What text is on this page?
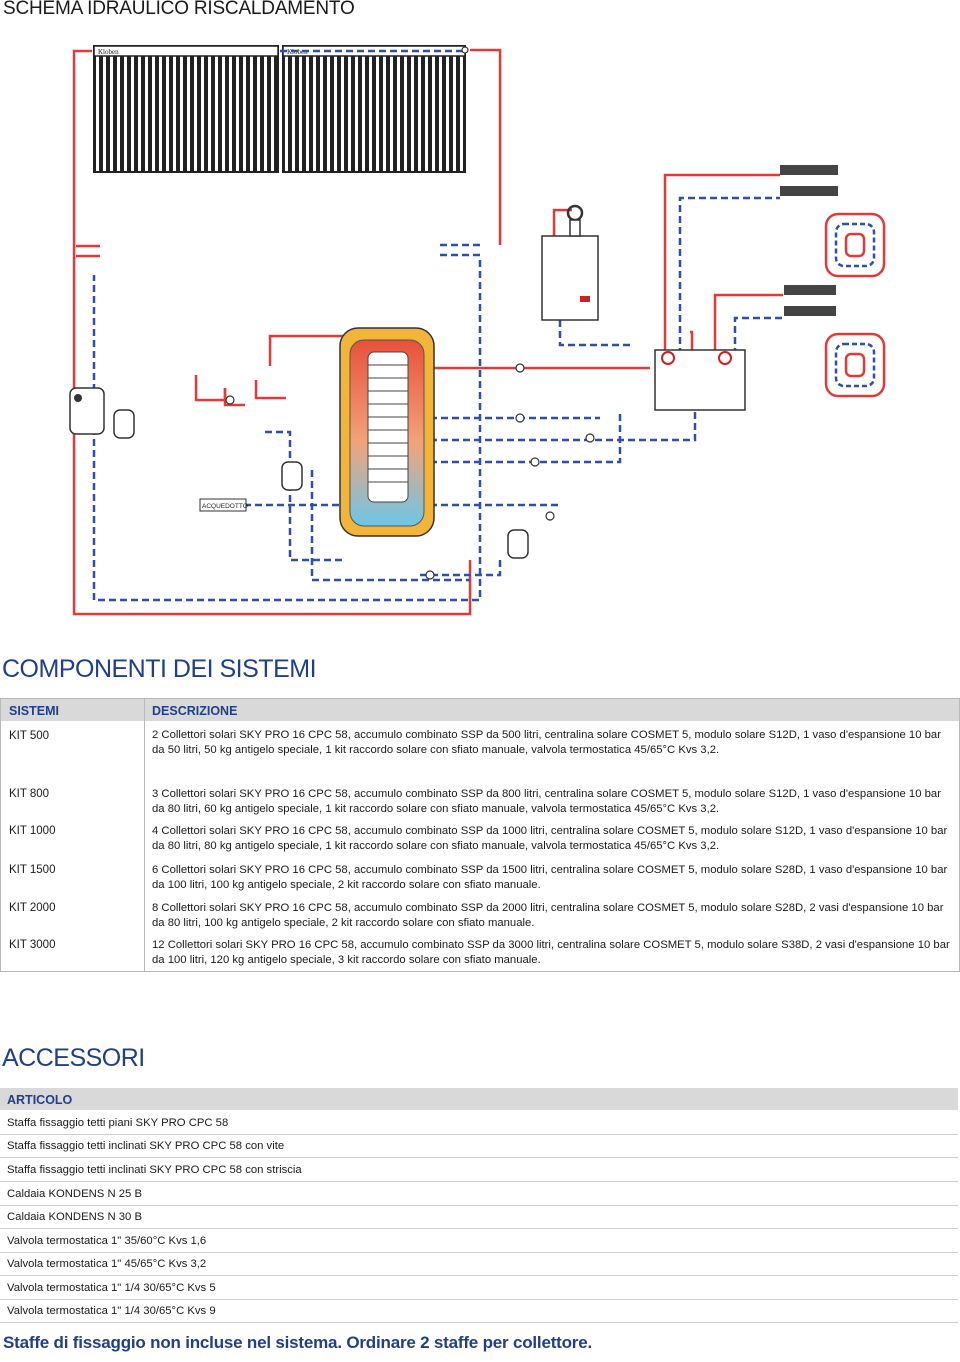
SCHEMA IDRAULICO RISCALDAMENTO
Kloben	Kloben
ACQUEDOTTO
COMPONENTI DEI SISTEMI
SISTEMI	DESCRIZIONE
KIT 500	2 Collettori solari SKY PRO 16 CPC 58, accumulo combinato SSP da 500 litri, centralina solare COSMET 5, modulo solare S12D, 1 vaso d'espansione 10 bar da 50 litri, 50 kg antigelo speciale, 1 kit raccordo solare con sfiato manuale, valvola termostatica 45/65°C Kvs 3,2.
KIT 800	3 Collettori solari SKY PRO 16 CPC 58, accumulo combinato SSP da 800 litri, centralina solare COSMET 5, modulo solare S12D, 1 vaso d'espansione 10 bar da 80 litri, 60 kg antigelo speciale, 1 kit raccordo solare con sfiato manuale, valvola termostatica 45/65°C Kvs 3,2.
KIT 1000	4 Collettori solari SKY PRO 16 CPC 58, accumulo combinato SSP da 1000 litri, centralina solare COSMET 5, modulo solare S12D, 1 vaso d'espansione 10 bar da 80 litri, 80 kg antigelo speciale, 1 kit raccordo solare con sfiato manuale, valvola termostatica 45/65°C Kvs 3,2.
KIT 1500	6 Collettori solari SKY PRO 16 CPC 58, accumulo combinato SSP da 1500 litri, centralina solare COSMET 5, modulo solare S28D, 1 vaso d'espansione 10 bar da 100 litri, 100 kg antigelo speciale, 2 kit raccordo solare con sfiato manuale.
KIT 2000	8 Collettori solari SKY PRO 16 CPC 58, accumulo combinato SSP da 2000 litri, centralina solare COSMET 5, modulo solare S28D, 2 vasi d'espansione 10 bar da 80 litri, 100 kg antigelo speciale, 2 kit raccordo solare con sfiato manuale.
KIT 3000	12 Collettori solari SKY PRO 16 CPC 58, accumulo combinato SSP da 3000 litri, centralina solare COSMET 5, modulo solare S38D, 2 vasi d'espansione 10 bar da 100 litri, 120 kg antigelo speciale, 3 kit raccordo solare con sfiato manuale.
ACCESSORI
ARTICOLO
Staffa fissaggio tetti piani SKY PRO CPC 58
Staffa fissaggio tetti inclinati SKY PRO CPC 58 con vite
Staffa fissaggio tetti inclinati SKY PRO CPC 58 con striscia
Caldaia KONDENS N 25 B
Caldaia KONDENS N 30 B
Valvola termostatica 1" 35/60°C Kvs 1,6
Valvola termostatica 1" 45/65°C Kvs 3,2
Valvola termostatica 1" 1/4 30/65°C Kvs 5
Valvola termostatica 1" 1/4 30/65°C Kvs 9
Staffe di fissaggio non incluse nel sistema. Ordinare 2 staffe per collettore.
